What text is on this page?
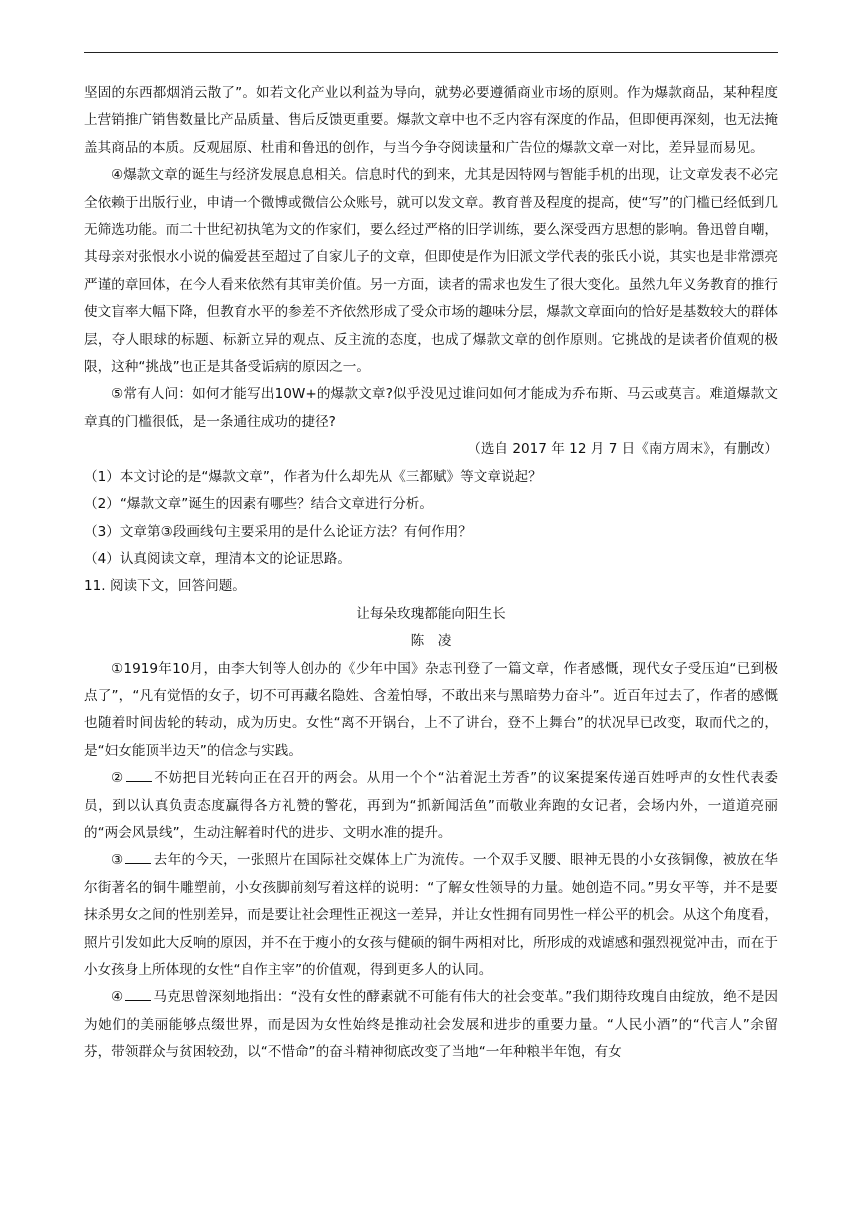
坚固的东西都烟消云散了”。如若文化产业以利益为导向，就势必要遵循商业市场的原则。作为爆款商品，某种程度上营销推广销售数量比产品质量、售后反馈更重要。爆款文章中也不乏内容有深度的作品，但即便再深刻，也无法掩盖其商品的本质。反观屈原、杜甫和鲁迅的创作，与当今争夺阅读量和广告位的爆款文章一对比，差异显而易见。

④爆款文章的诞生与经济发展息息相关。信息时代的到来，尤其是因特网与智能手机的出现，让文章发表不必完全依赖于出版行业，申请一个微博或微信公众账号，就可以发文章。教育普及程度的提高，使“写”的门槛已经低到几无筛选功能。而二十世纪初执笔为文的作家们，要么经过严格的旧学训练，要么深受西方思想的影响。鲁迅曾自嘲，其母亲对张恨水小说的偏爱甚至超过了自家儿子的文章，但即使是作为旧派文学代表的张氏小说，其实也是非常漂亮严谨的章回体，在今人看来依然有其审美价值。另一方面，读者的需求也发生了很大变化。虽然九年义务教育的推行使文盲率大幅下降，但教育水平的参差不齐依然形成了受众市场的趣味分层，爆款文章面向的恰好是基数较大的群体层，夺人眼球的标题、标新立异的观点、反主流的态度，也成了爆款文章的创作原则。它挑战的是读者价值观的极限，这种“挑战”也正是其备受诟病的原因之一。

⑤常有人问：如何才能写出10W+的爆款文章?似乎没见过谁问如何才能成为乔布斯、马云或莫言。难道爆款文章真的门槛很低，是一条通往成功的捷径?

（选自 2017 年 12 月 7 日《南方周末》，有删改）

（1）本文讨论的是“爆款文章”，作者为什么却先从《三都赋》等文章说起？

（2）“爆款文章”诞生的因素有哪些？结合文章进行分析。

（3）文章第③段画线句主要采用的是什么论证方法？有何作用？

（4）认真阅读文章，理清本文的论证思路。

11. 阅读下文，回答问题。

让每朵玫瑰都能向阳生长

陈　凌

①1919年10月，由李大钊等人创办的《少年中国》杂志刊登了一篇文章，作者感慨，现代女子受压迫“已到极点了”，“凡有觉悟的女子，切不可再藏名隐姓、含羞怕辱，不敢出来与黑暗势力奋斗”。近百年过去了，作者的感慨也随着时间齿轮的转动，成为历史。女性“离不开锅台，上不了讲台，登不上舞台”的状况早已改变，取而代之的，是“妇女能顶半边天”的信念与实践。

② 不妨把目光转向正在召开的两会。从用一个个“沾着泥土芳香”的议案提案传递百姓呼声的女性代表委员，到以认真负责态度赢得各方礼赞的警花，再到为“抓新闻活鱼”而敬业奔跑的女记者，会场内外，一道道亮丽的“两会风景线”，生动注解着时代的进步、文明水准的提升。

③ 去年的今天，一张照片在国际社交媒体上广为流传。一个双手叉腰、眼神无畏的小女孩铜像，被放在华尔街著名的铜牛雕塑前，小女孩脚前刻写着这样的说明：“了解女性领导的力量。她创造不同。”男女平等，并不是要抹杀男女之间的性别差异，而是要让社会理性正视这一差异，并让女性拥有同男性一样公平的机会。从这个角度看，照片引发如此大反响的原因，并不在于瘦小的女孩与健硕的铜牛两相对比，所形成的戏谑感和强烈视觉冲击，而在于小女孩身上所体现的女性“自作主宰”的价值观，得到更多人的认同。

④ 马克思曾深刻地指出：“没有女性的酵素就不可能有伟大的社会变革。”我们期待玫瑰自由绽放，绝不是因为她们的美丽能够点缀世界，而是因为女性始终是推动社会发展和进步的重要力量。“人民小酒”的“代言人”余留芬，带领群众与贫困较劲，以“不惜命”的奋斗精神彻底改变了当地“一年种粮半年饱，有女
